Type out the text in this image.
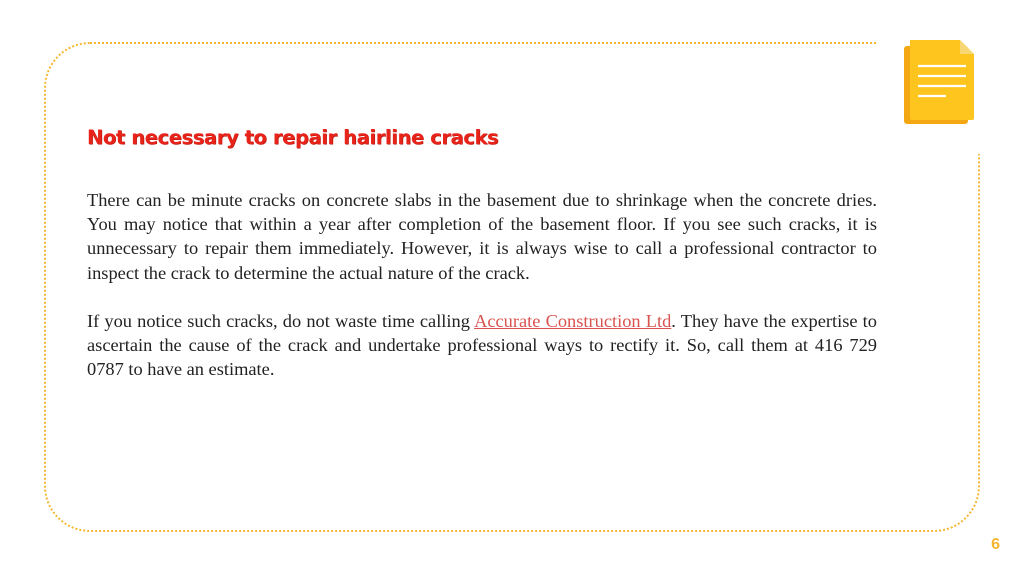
Not necessary to repair hairline cracks

There can be minute cracks on concrete slabs in the basement due to shrinkage when the concrete dries. You may notice that within a year after completion of the basement floor. If you see such cracks, it is unnecessary to repair them immediately. However, it is always wise to call a professional contractor to inspect the crack to determine the actual nature of the crack.

If you notice such cracks, do not waste time calling Accurate Construction Ltd. They have the expertise to ascertain the cause of the crack and undertake professional ways to rectify it. So, call them at 416 729 0787 to have an estimate.

6
